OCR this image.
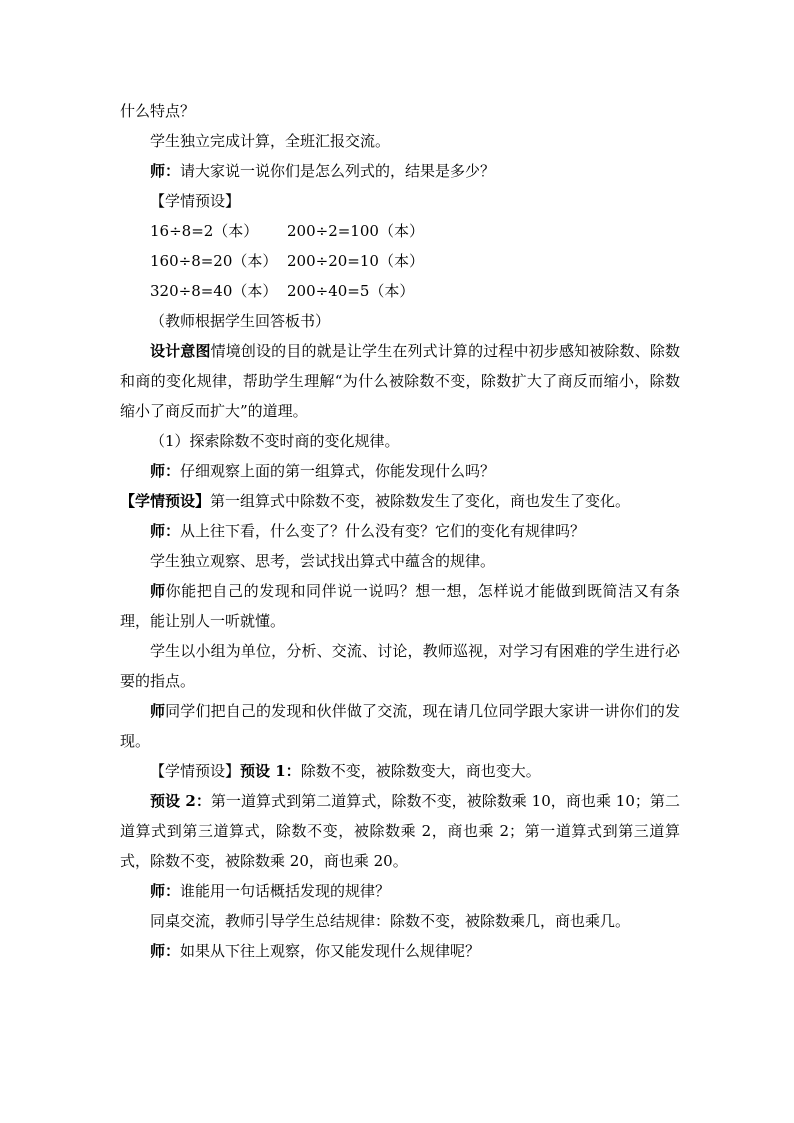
什么特点？

学生独立完成计算，全班汇报交流。

师：请大家说一说你们是怎么列式的，结果是多少？

【学情预设】

16÷8=2（本） 200÷2=100（本）

160÷8=20（本） 200÷20=10（本）

320÷8=40（本） 200÷40=5（本）

（教师根据学生回答板书）

设计意图情境创设的目的就是让学生在列式计算的过程中初步感知被除数、除数和商的变化规律，帮助学生理解“为什么被除数不变，除数扩大了商反而缩小，除数缩小了商反而扩大”的道理。

（1）探索除数不变时商的变化规律。

师：仔细观察上面的第一组算式，你能发现什么吗？

【学情预设】第一组算式中除数不变，被除数发生了变化，商也发生了变化。

师：从上往下看，什么变了？什么没有变？它们的变化有规律吗？

学生独立观察、思考，尝试找出算式中蕴含的规律。

师你能把自己的发现和同伴说一说吗？想一想，怎样说才能做到既简洁又有条理，能让别人一听就懂。

学生以小组为单位，分析、交流、讨论，教师巡视，对学习有困难的学生进行必要的指点。

师同学们把自己的发现和伙伴做了交流，现在请几位同学跟大家讲一讲你们的发现。

【学情预设】预设 1：除数不变，被除数变大，商也变大。

预设 2：第一道算式到第二道算式，除数不变，被除数乘 10，商也乘 10；第二道算式到第三道算式，除数不变，被除数乘 2，商也乘 2；第一道算式到第三道算式，除数不变，被除数乘 20，商也乘 20。

师：谁能用一句话概括发现的规律？

同桌交流，教师引导学生总结规律：除数不变，被除数乘几，商也乘几。

师：如果从下往上观察，你又能发现什么规律呢？
